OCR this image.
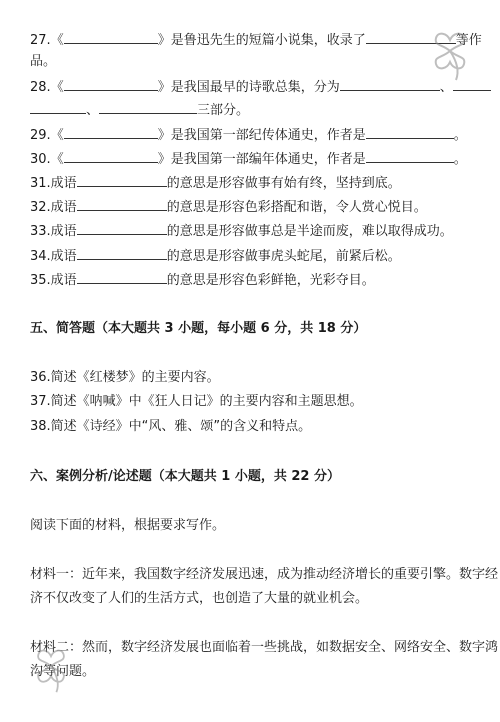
27.《	》是鲁迅先生的短篇小说集，收录了	等作
品。
28.《	》是我国最早的诗歌总集，分为	、
、	三部分。
29.《	》是我国第一部纪传体通史，作者是	。
30.《	》是我国第一部编年体通史，作者是	。
31.成语	的意思是形容做事有始有终，坚持到底。
32.成语	的意思是形容色彩搭配和谐，令人赏心悦目。
33.成语	的意思是形容做事总是半途而废，难以取得成功。
34.成语	的意思是形容做事虎头蛇尾，前紧后松。
35.成语	的意思是形容色彩鲜艳，光彩夺目。
五、简答题（本大题共 3 小题，每小题 6 分，共 18 分）
36.简述《红楼梦》的主要内容。
37.简述《呐喊》中《狂人日记》的主要内容和主题思想。
38.简述《诗经》中“风、雅、颂”的含义和特点。
六、案例分析/论述题（本大题共 1 小题，共 22 分）
阅读下面的材料，根据要求写作。
材料一：近年来，我国数字经济发展迅速，成为推动经济增长的重要引擎。数字经
济不仅改变了人们的生活方式，也创造了大量的就业机会。
材料二：然而，数字经济发展也面临着一些挑战，如数据安全、网络安全、数字鸿
沟等问题。
